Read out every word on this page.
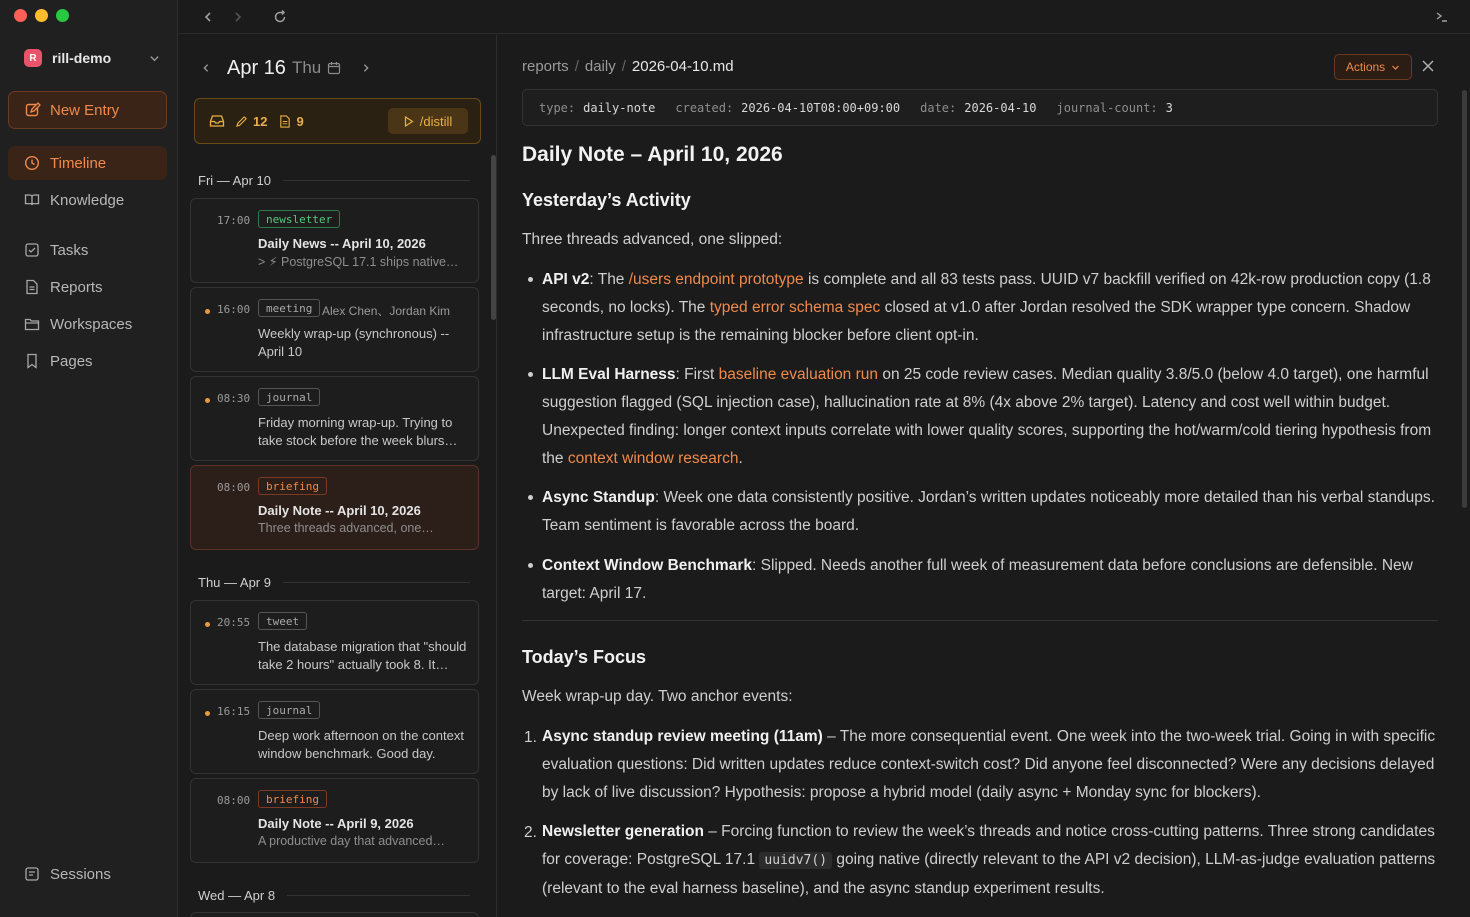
R	rill-demo
New Entry
Timeline
Knowledge
Tasks
Reports
Workspaces
Pages
Sessions
Apr 16 Thu
12 9	/distill
Fri — Apr 10
17:00	newsletter
Daily News -- April 10, 2026
> ⚡ PostgreSQL 17.1 ships native…
16:00	meeting Alex Chen、Jordan Kim
Weekly wrap-up (synchronous) -- April 10
08:30	journal
Friday morning wrap-up. Trying to take stock before the week blurs…
08:00	briefing
Daily Note -- April 10, 2026
Three threads advanced, one…
Thu — Apr 9
20:55	tweet
The database migration that "should take 2 hours" actually took 8. It…
16:15	journal
Deep work afternoon on the context window benchmark. Good day.
08:00	briefing
Daily Note -- April 9, 2026
A productive day that advanced…
Wed — Apr 8
reports / daily / 2026-04-10.md	Actions
type: daily-note created: 2026-04-10T08:00+09:00 date: 2026-04-10 journal-count: 3
Daily Note – April 10, 2026
Yesterday’s Activity
Three threads advanced, one slipped:
API v2: The /users endpoint prototype is complete and all 83 tests pass. UUID v7 backfill verified on 42k-row production copy (1.8 seconds, no locks). The typed error schema spec closed at v1.0 after Jordan resolved the SDK wrapper type concern. Shadow infrastructure setup is the remaining blocker before client opt-in.
LLM Eval Harness: First baseline evaluation run on 25 code review cases. Median quality 3.8/5.0 (below 4.0 target), one harmful suggestion flagged (SQL injection case), hallucination rate at 8% (4x above 2% target). Latency and cost well within budget. Unexpected finding: longer context inputs correlate with lower quality scores, supporting the hot/warm/cold tiering hypothesis from the context window research.
Async Standup: Week one data consistently positive. Jordan’s written updates noticeably more detailed than his verbal standups. Team sentiment is favorable across the board.
Context Window Benchmark: Slipped. Needs another full week of measurement data before conclusions are defensible. New target: April 17.
Today’s Focus
Week wrap-up day. Two anchor events:
1. Async standup review meeting (11am) – The more consequential event. One week into the two-week trial. Going in with specific evaluation questions: Did written updates reduce context-switch cost? Did anyone feel disconnected? Were any decisions delayed by lack of live discussion? Hypothesis: propose a hybrid model (daily async + Monday sync for blockers).
2. Newsletter generation – Forcing function to review the week’s threads and notice cross-cutting patterns. Three strong candidates for coverage: PostgreSQL 17.1 uuidv7() going native (directly relevant to the API v2 decision), LLM-as-judge evaluation patterns (relevant to the eval harness baseline), and the async standup experiment results.
